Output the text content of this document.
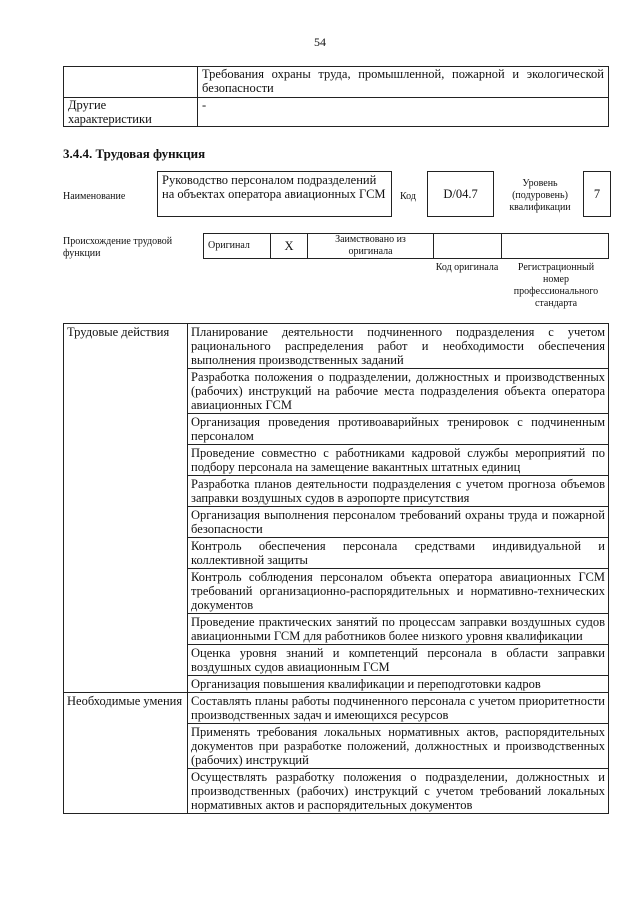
54
	Требования охраны труда, промышленной, пожарной и экологической безопасности
Другие характеристики	-
3.4.4. Трудовая функция
Наименование
Руководство персоналом подразделений на объектах оператора авиационных ГСМ	Код	D/04.7
Уровень (подуровень) квалификации
7
Происхождение трудовой функции
Оригинал	X	Заимствовано из оригинала		
Код оригинала	Регистрационный номер профессионального стандарта
Трудовые действия	Планирование деятельности подчиненного подразделения с учетом рационального распределения работ и необходимости обеспечения выполнения производственных заданий
	Разработка положения о подразделении, должностных и производственных (рабочих) инструкций на рабочие места подразделения объекта оператора авиационных ГСМ
	Организация проведения противоаварийных тренировок с подчиненным персоналом
	Проведение совместно с работниками кадровой службы мероприятий по подбору персонала на замещение вакантных штатных единиц
	Разработка планов деятельности подразделения с учетом прогноза объемов заправки воздушных судов в аэропорте присутствия
	Организация выполнения персоналом требований охраны труда и пожарной безопасности
	Контроль обеспечения персонала средствами индивидуальной и коллективной защиты
	Контроль соблюдения персоналом объекта оператора авиационных ГСМ требований организационно-распорядительных и нормативно-технических документов
	Проведение практических занятий по процессам заправки воздушных судов авиационными ГСМ для работников более низкого уровня квалификации
	Оценка уровня знаний и компетенций персонала в области заправки воздушных судов авиационным ГСМ
	Организация повышения квалификации и переподготовки кадров
Необходимые умения	Составлять планы работы подчиненного персонала с учетом приоритетности производственных задач и имеющихся ресурсов
	Применять требования локальных нормативных актов, распорядительных документов при разработке положений, должностных и производственных (рабочих) инструкций
	Осуществлять разработку положения о подразделении, должностных и производственных (рабочих) инструкций с учетом требований локальных нормативных актов и распорядительных документов
